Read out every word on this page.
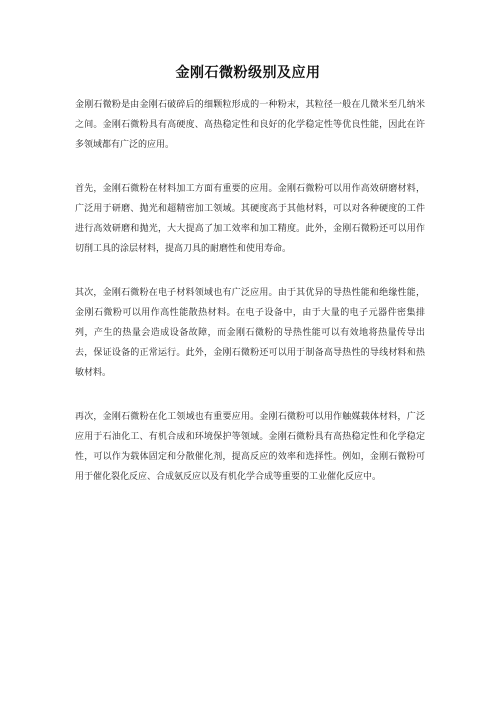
金刚石微粉级别及应用

金刚石微粉是由金刚石破碎后的细颗粒形成的一种粉末，其粒径一般在几微米至几纳米之间。金刚石微粉具有高硬度、高热稳定性和良好的化学稳定性等优良性能，因此在许多领域都有广泛的应用。

首先，金刚石微粉在材料加工方面有重要的应用。金刚石微粉可以用作高效研磨材料，广泛用于研磨、抛光和超精密加工领域。其硬度高于其他材料，可以对各种硬度的工件进行高效研磨和抛光，大大提高了加工效率和加工精度。此外，金刚石微粉还可以用作切削工具的涂层材料，提高刀具的耐磨性和使用寿命。

其次，金刚石微粉在电子材料领域也有广泛应用。由于其优异的导热性能和绝缘性能，金刚石微粉可以用作高性能散热材料。在电子设备中，由于大量的电子元器件密集排列，产生的热量会造成设备故障，而金刚石微粉的导热性能可以有效地将热量传导出去，保证设备的正常运行。此外，金刚石微粉还可以用于制备高导热性的导线材料和热敏材料。

再次，金刚石微粉在化工领域也有重要应用。金刚石微粉可以用作触媒载体材料，广泛应用于石油化工、有机合成和环境保护等领域。金刚石微粉具有高热稳定性和化学稳定性，可以作为载体固定和分散催化剂，提高反应的效率和选择性。例如，金刚石微粉可用于催化裂化反应、合成氨反应以及有机化学合成等重要的工业催化反应中。
